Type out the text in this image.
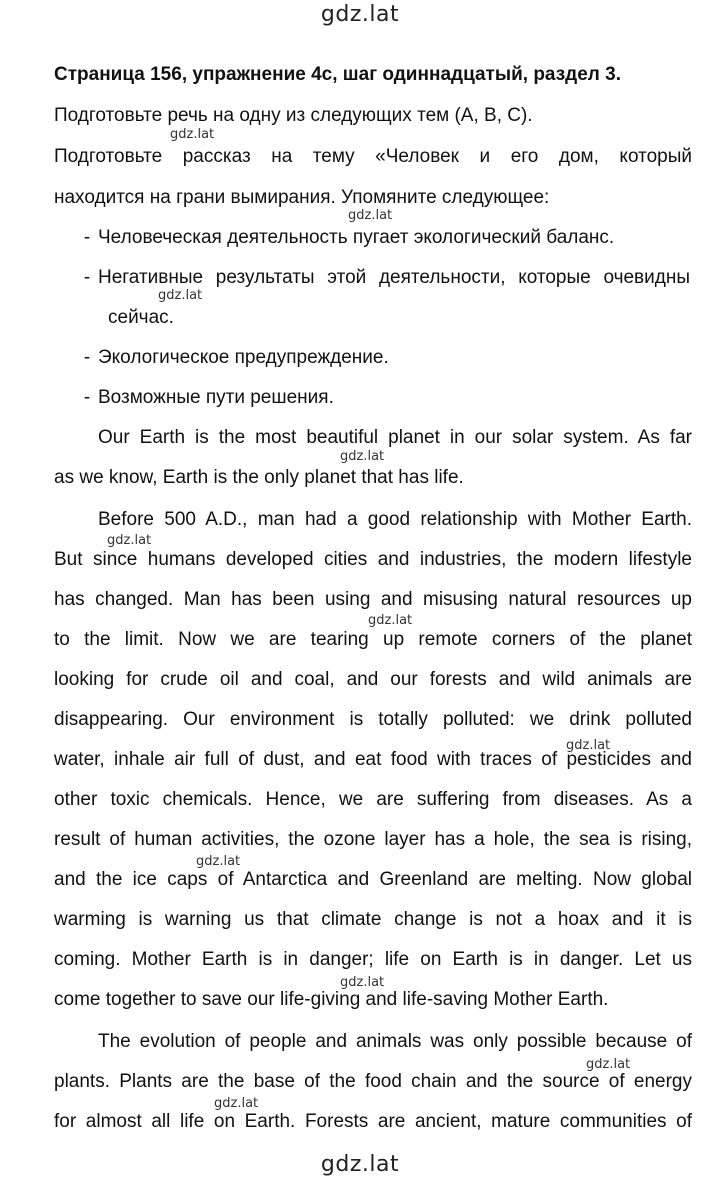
gdz.lat
gdz.lat
Страница 156, упражнение 4c, шаг одиннадцатый, раздел 3.
Подготовьте речь на одну из следующих тем (A, B, C).
Подготовьте рассказ на тему «Человек и его дом, который
находится на грани вымирания. Упомяните следующее:
- Человеческая деятельность пугает экологический баланс.
- Негативные результаты этой деятельности, которые очевидны
сейчас.
- Экологическое предупреждение.
- Возможные пути решения.
Our Earth is the most beautiful planet in our solar system. As far
as we know, Earth is the only planet that has life.
Before 500 A.D., man had a good relationship with Mother Earth.
But since humans developed cities and industries, the modern lifestyle
has changed. Man has been using and misusing natural resources up
to the limit. Now we are tearing up remote corners of the planet
looking for crude oil and coal, and our forests and wild animals are
disappearing. Our environment is totally polluted: we drink polluted
water, inhale air full of dust, and eat food with traces of pesticides and
other toxic chemicals. Hence, we are suffering from diseases. As a
result of human activities, the ozone layer has a hole, the sea is rising,
and the ice caps of Antarctica and Greenland are melting. Now global
warming is warning us that climate change is not a hoax and it is
coming. Mother Earth is in danger; life on Earth is in danger. Let us
come together to save our life-giving and life-saving Mother Earth.
The evolution of people and animals was only possible because of
plants. Plants are the base of the food chain and the source of energy
for almost all life on Earth. Forests are ancient, mature communities of
gdz.lat
gdz.lat
gdz.lat
gdz.lat
gdz.lat
gdz.lat
gdz.lat
gdz.lat
gdz.lat
gdz.lat
gdz.lat
